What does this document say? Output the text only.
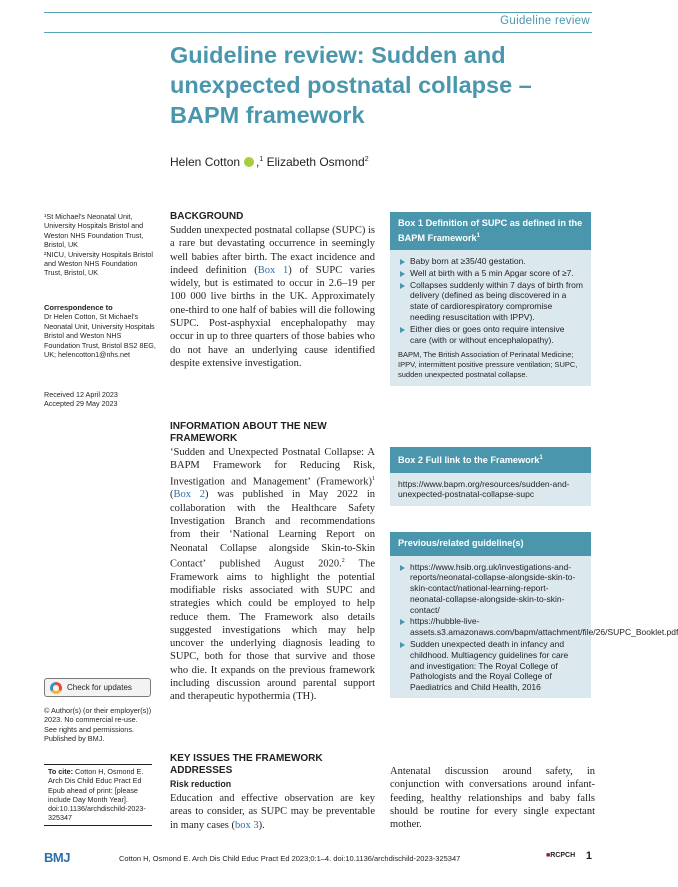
Guideline review
Guideline review: Sudden and unexpected postnatal collapse – BAPM framework
Helen Cotton ,$^1$ Elizabeth Osmond$^2$
¹St Michael’s Neonatal Unit, University Hospitals Bristol and Weston NHS Foundation Trust, Bristol, UK
²NICU, University Hospitals Bristol and Weston NHS Foundation Trust, Bristol, UK
Correspondence to
Dr Helen Cotton, St Michael’s Neonatal Unit, University Hospitals Bristol and Weston NHS Foundation Trust, Bristol BS2 8EG, UK; helencotton1@nhs.net
Received 12 April 2023
Accepted 29 May 2023
Check for updates
© Author(s) (or their employer(s)) 2023. No commercial re-use. See rights and permissions. Published by BMJ.
To cite: Cotton H, Osmond E. Arch Dis Child Educ Pract Ed Epub ahead of print: [please include Day Month Year]. doi:10.1136/archdischild-2023-325347
BACKGROUND

Sudden unexpected postnatal collapse (SUPC) is a rare but devastating occurrence in seemingly well babies after birth. The exact incidence and indeed definition (Box 1) of SUPC varies widely, but is estimated to occur in 2.6–19 per 100 000 live births in the UK. Approximately one-third to one half of babies will die following SUPC. Post-asphyxial encephalopathy may occur in up to three quarters of those babies who do not have an underlying cause identified despite extensive investigation.

INFORMATION ABOUT THE NEW FRAMEWORK

‘Sudden and Unexpected Postnatal Collapse: A BAPM Framework for Reducing Risk, Investigation and Management’ (Framework)$^1$ (Box 2) was published in May 2022 in collaboration with the Healthcare Safety Investigation Branch and recommendations from their ‘National Learning Report on Neonatal Collapse alongside Skin-to-Skin Contact’ published August 2020.$^2$ The Framework aims to highlight the potential modifiable risks associated with SUPC and strategies which could be employed to help reduce them. The Framework also details suggested investigations which may help uncover the underlying diagnosis leading to SUPC, both for those that survive and those who die. It expands on the previous framework including discussion around parental support and therapeutic hypothermia (TH).

KEY ISSUES THE FRAMEWORK ADDRESSES
Risk reduction

Education and effective observation are key areas to consider, as SUPC may be preventable in many cases (box 3).

Box 1 Definition of SUPC as defined in the BAPM Framework$^1$
Baby born at ≥35/40 gestation.
Well at birth with a 5 min Apgar score of ≥7.
Collapses suddenly within 7 days of birth from delivery (defined as being discovered in a state of cardiorespiratory compromise needing resuscitation with IPPV).
Either dies or goes onto require intensive care (with or without encephalopathy).
BAPM, The British Association of Perinatal Medicine; IPPV, intermittent positive pressure ventilation; SUPC, sudden unexpected postnatal collapse.
Box 2 Full link to the Framework$^1$
https://www.bapm.org/resources/sudden-and-unexpected-postnatal-collapse-supc
Previous/related guideline(s)
https://www.hsib.org.uk/investigations-and-reports/neonatal-collapse-alongside-skin-to-skin-contact/national-learning-report-neonatal-collapse-alongside-skin-to-skin-contact/
https://hubble-live-assets.s3.amazonaws.com/bapm/attachment/file/26/SUPC_Booklet.pdf
Sudden unexpected death in infancy and childhood. Multiagency guidelines for care and investigation: The Royal College of Pathologists and the Royal College of Paediatrics and Child Health, 2016

Antenatal discussion around safety, in conjunction with conversations around infant-feeding, healthy relationships and baby falls should be routine for every single expectant mother.

BMJ	Cotton H, Osmond E. Arch Dis Child Educ Pract Ed 2023;0:1–4. doi:10.1136/archdischild-2023-325347	■RCPCH 1
